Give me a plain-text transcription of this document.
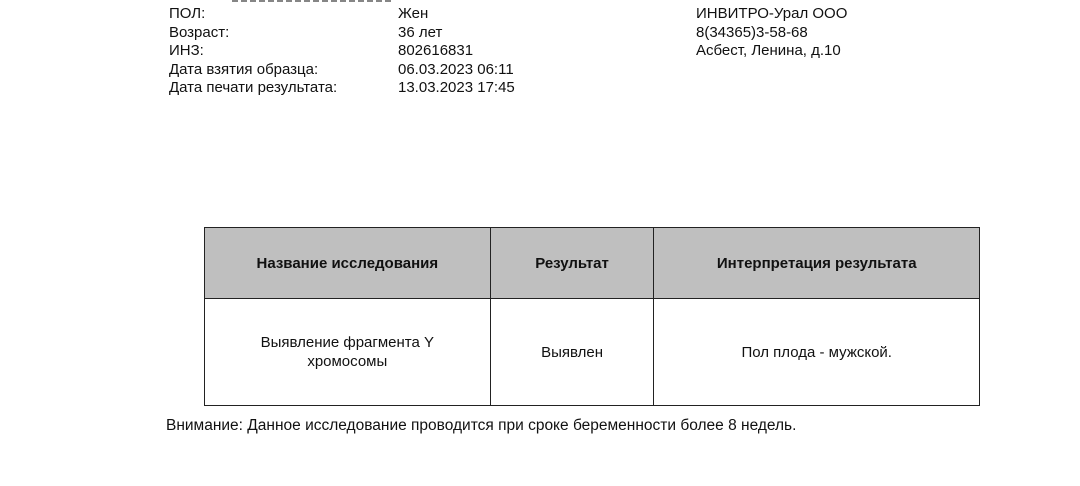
ПОЛ:	Жен
Возраст:	36 лет
ИНЗ:	802616831
Дата взятия образца:	06.03.2023 06:11
Дата печати результата:	13.03.2023 17:45
ИНВИТРО-Урал ООО
8(34365)3-58-68
Асбест, Ленина, д.10
Название исследования	Результат	Интерпретация результата
Выявление фрагмента Y хромосомы	Выявлен	Пол плода - мужской.
Внимание: Данное исследование проводится при сроке беременности более 8 недель.
